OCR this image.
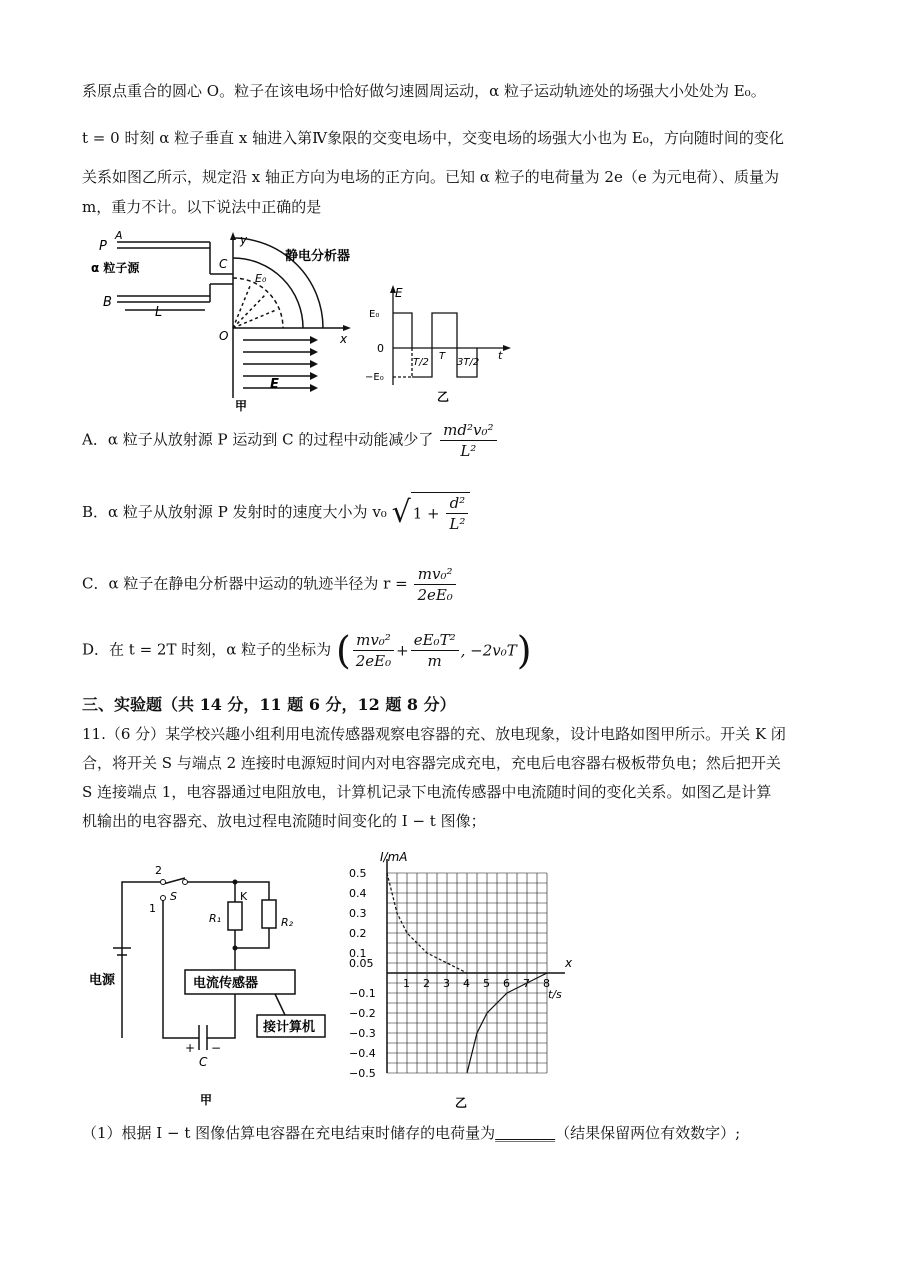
系原点重合的圆心 O。粒子在该电场中恰好做匀速圆周运动，α 粒子运动轨迹处的场强大小处处为 E₀。
t = 0 时刻 α 粒子垂直 x 轴进入第Ⅳ象限的交变电场中，交变电场的场强大小也为 E₀，方向随时间的变化
关系如图乙所示，规定沿 x 轴正方向为电场的正方向。已知 α 粒子的电荷量为 2e（e 为元电荷）、质量为
m，重力不计。以下说法中正确的是
P
A
α 粒子源
B
L
C
y
静电分析器
E₀
O	x
甲
E
E
E₀
0
−E₀
T/2
T
3T/2
t
乙
A．α 粒子从放射源 P 运动到 C 的过程中动能减少了 $\frac{\text{md²v₀²}}{\text{L²}}$
B．α 粒子从放射源 P 发射时的速度大小为 v₀ √ $1 + \frac{\text{d²}}{\text{L²}}$
C．α 粒子在静电分析器中运动的轨迹半径为 $r = \frac{\text{mv₀²}}{\text{2eE₀}}$
D．在 t = 2T 时刻，α 粒子的坐标为 ( $\frac{\text{mv₀²}}{\text{2eE₀}} + \frac{\text{eE₀T²}}{m}$ , −2v₀T)
三、实验题（共 14 分，11 题 6 分，12 题 8 分）
11.（6 分）某学校兴趣小组利用电流传感器观察电容器的充、放电现象，设计电路如图甲所示。开关 K 闭
合，将开关 S 与端点 2 连接时电源短时间内对电容器完成充电，充电后电容器右极板带负电；然后把开关
S 连接端点 1，电容器通过电阻放电，计算机记录下电流传感器中电流随时间的变化关系。如图乙是计算
机输出的电容器充、放电过程电流随时间变化的 I − t 图像；
2
S
1
K
R₁	R₂
电源	电流传感器
接计算机
+ −
C
甲
0.5
0.4
0.3
0.2
0.1
0.05
−0.1
−0.2
−0.3
−0.4
−0.5
1 2 3 4 5 6 7 8
I/mA
t/s
x
乙
（1）根据 I − t 图像估算电容器在充电结束时储存的电荷量为________（结果保留两位有效数字）;
